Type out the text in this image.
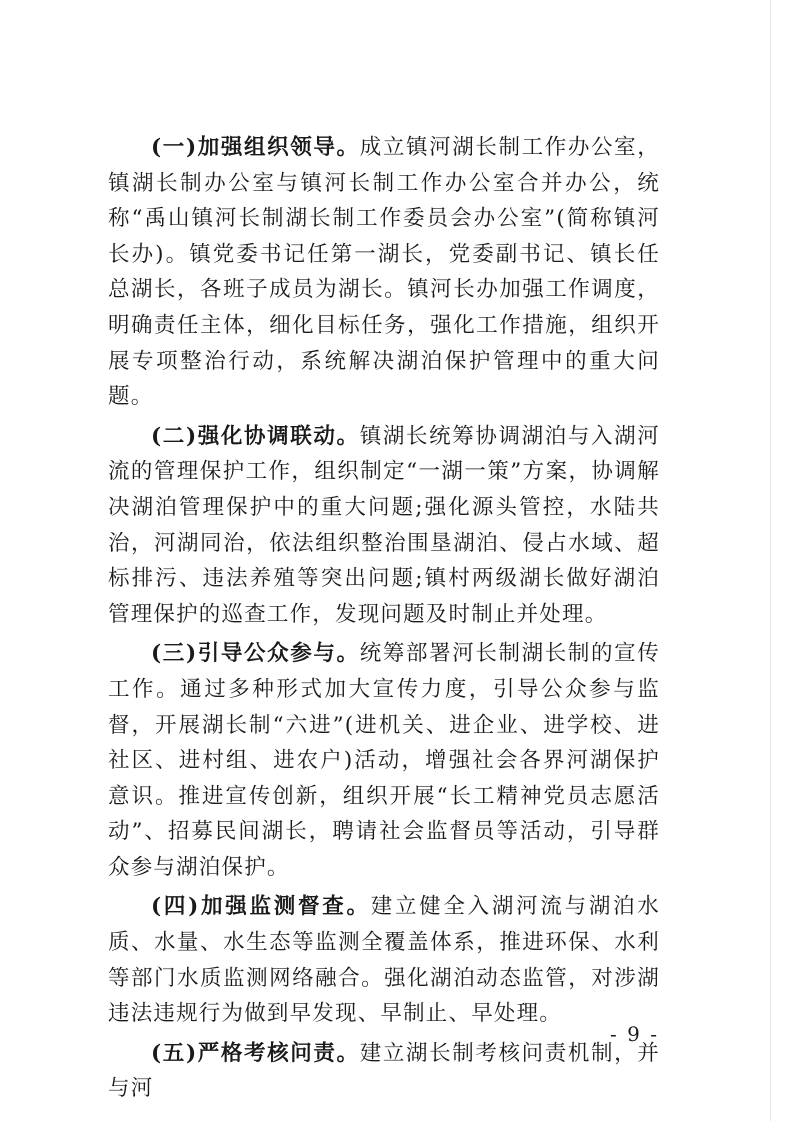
(一)加强组织领导。成立镇河湖长制工作办公室，镇湖长制办公室与镇河长制工作办公室合并办公，统称“禹山镇河长制湖长制工作委员会办公室”(简称镇河长办)。镇党委书记任第一湖长，党委副书记、镇长任总湖长，各班子成员为湖长。镇河长办加强工作调度，明确责任主体，细化目标任务，强化工作措施，组织开展专项整治行动，系统解决湖泊保护管理中的重大问题。

(二)强化协调联动。镇湖长统筹协调湖泊与入湖河流的管理保护工作，组织制定“一湖一策”方案，协调解决湖泊管理保护中的重大问题;强化源头管控，水陆共治，河湖同治，依法组织整治围垦湖泊、侵占水域、超标排污、违法养殖等突出问题;镇村两级湖长做好湖泊管理保护的巡查工作，发现问题及时制止并处理。

(三)引导公众参与。统筹部署河长制湖长制的宣传工作。通过多种形式加大宣传力度，引导公众参与监督，开展湖长制“六进”(进机关、进企业、进学校、进社区、进村组、进农户)活动，增强社会各界河湖保护意识。推进宣传创新，组织开展“长工精神党员志愿活动”、招募民间湖长，聘请社会监督员等活动，引导群众参与湖泊保护。

(四)加强监测督查。建立健全入湖河流与湖泊水质、水量、水生态等监测全覆盖体系，推进环保、水利等部门水质监测网络融合。强化湖泊动态监管，对涉湖违法违规行为做到早发现、早制止、早处理。

(五)严格考核问责。建立湖长制考核问责机制，并与河

- 9 -
